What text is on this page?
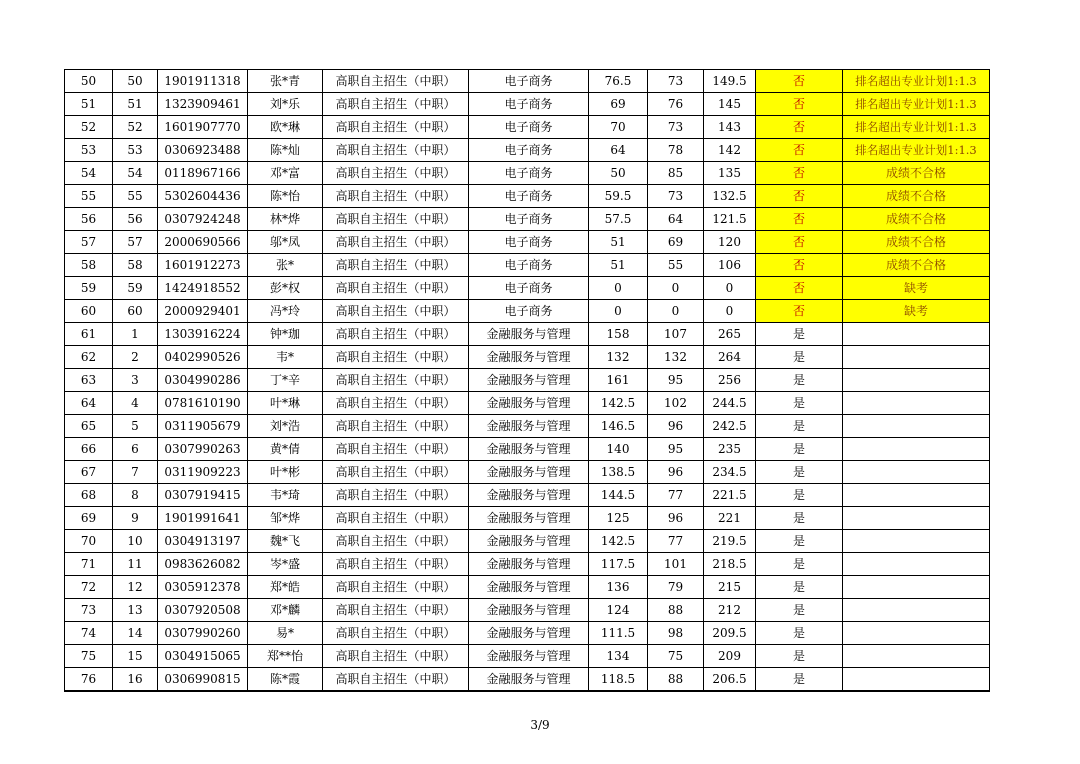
50	50	1901911318	张*青	高职自主招生（中职）	电子商务	76.5	73	149.5	否	排名超出专业计划1:1.3
51	51	1323909461	刘*乐	高职自主招生（中职）	电子商务	69	76	145	否	排名超出专业计划1:1.3
52	52	1601907770	欧*琳	高职自主招生（中职）	电子商务	70	73	143	否	排名超出专业计划1:1.3
53	53	0306923488	陈*灿	高职自主招生（中职）	电子商务	64	78	142	否	排名超出专业计划1:1.3
54	54	0118967166	邓*富	高职自主招生（中职）	电子商务	50	85	135	否	成绩不合格
55	55	5302604436	陈*怡	高职自主招生（中职）	电子商务	59.5	73	132.5	否	成绩不合格
56	56	0307924248	林*烨	高职自主招生（中职）	电子商务	57.5	64	121.5	否	成绩不合格
57	57	2000690566	邬*凤	高职自主招生（中职）	电子商务	51	69	120	否	成绩不合格
58	58	1601912273	张*	高职自主招生（中职）	电子商务	51	55	106	否	成绩不合格
59	59	1424918552	彭*权	高职自主招生（中职）	电子商务	0	0	0	否	缺考
60	60	2000929401	冯*玲	高职自主招生（中职）	电子商务	0	0	0	否	缺考
61	1	1303916224	钟*珈	高职自主招生（中职）	金融服务与管理	158	107	265	是	
62	2	0402990526	韦*	高职自主招生（中职）	金融服务与管理	132	132	264	是	
63	3	0304990286	丁*辛	高职自主招生（中职）	金融服务与管理	161	95	256	是	
64	4	0781610190	叶*琳	高职自主招生（中职）	金融服务与管理	142.5	102	244.5	是	
65	5	0311905679	刘*浩	高职自主招生（中职）	金融服务与管理	146.5	96	242.5	是	
66	6	0307990263	黄*倩	高职自主招生（中职）	金融服务与管理	140	95	235	是	
67	7	0311909223	叶*彬	高职自主招生（中职）	金融服务与管理	138.5	96	234.5	是	
68	8	0307919415	韦*琦	高职自主招生（中职）	金融服务与管理	144.5	77	221.5	是	
69	9	1901991641	邹*烨	高职自主招生（中职）	金融服务与管理	125	96	221	是	
70	10	0304913197	魏*飞	高职自主招生（中职）	金融服务与管理	142.5	77	219.5	是	
71	11	0983626082	岑*盛	高职自主招生（中职）	金融服务与管理	117.5	101	218.5	是	
72	12	0305912378	郑*皓	高职自主招生（中职）	金融服务与管理	136	79	215	是	
73	13	0307920508	邓*麟	高职自主招生（中职）	金融服务与管理	124	88	212	是	
74	14	0307990260	易*	高职自主招生（中职）	金融服务与管理	111.5	98	209.5	是	
75	15	0304915065	郑**怡	高职自主招生（中职）	金融服务与管理	134	75	209	是	
76	16	0306990815	陈*霞	高职自主招生（中职）	金融服务与管理	118.5	88	206.5	是	
3/9
